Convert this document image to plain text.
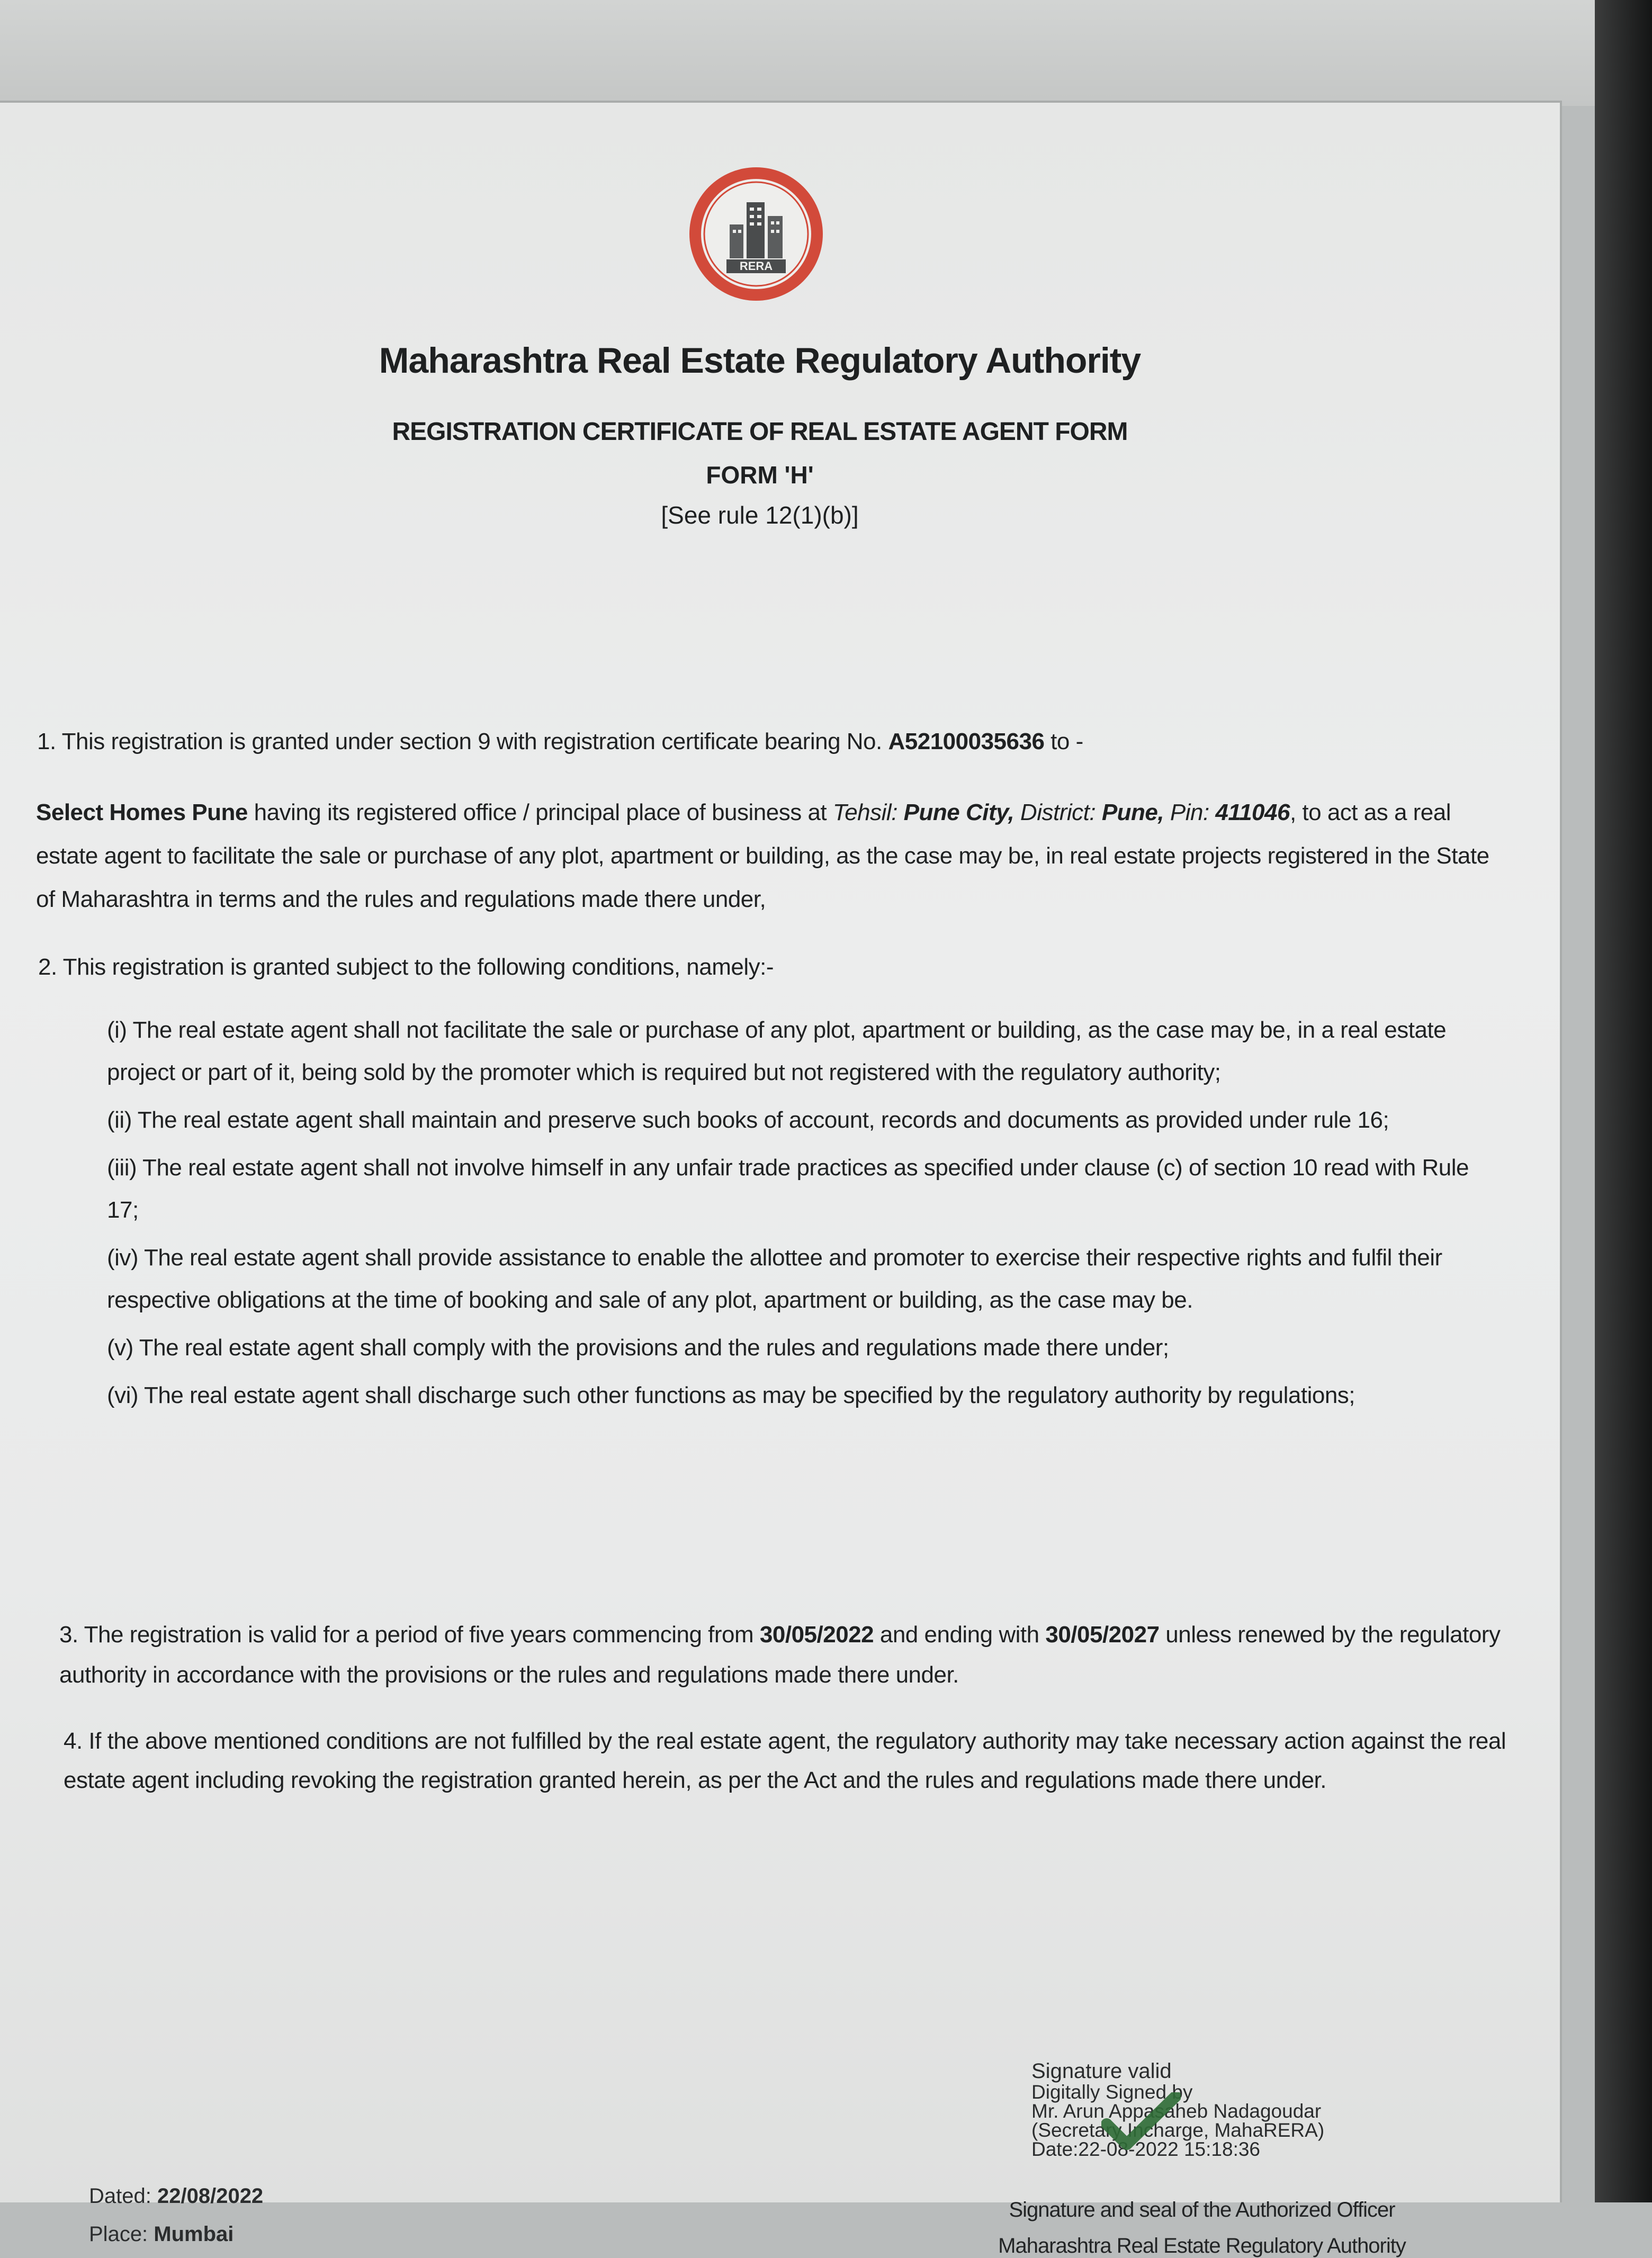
RERA
Maharashtra Real Estate Regulatory Authority
REGISTRATION CERTIFICATE OF REAL ESTATE AGENT FORM
FORM 'H'
[See rule 12(1)(b)]
1. This registration is granted under section 9 with registration certificate bearing No. A52100035636 to -
Select Homes Pune having its registered office / principal place of business at Tehsil: Pune City, District: Pune, Pin: 411046, to act as a real estate agent to facilitate the sale or purchase of any plot, apartment or building, as the case may be, in real estate projects registered in the State of Maharashtra in terms and the rules and regulations made there under,
2. This registration is granted subject to the following conditions, namely:-
(i) The real estate agent shall not facilitate the sale or purchase of any plot, apartment or building, as the case may be, in a real estate project or part of it, being sold by the promoter which is required but not registered with the regulatory authority;
(ii) The real estate agent shall maintain and preserve such books of account, records and documents as provided under rule 16;
(iii) The real estate agent shall not involve himself in any unfair trade practices as specified under clause (c) of section 10 read with Rule 17;
(iv) The real estate agent shall provide assistance to enable the allottee and promoter to exercise their respective rights and fulfil their respective obligations at the time of booking and sale of any plot, apartment or building, as the case may be.
(v) The real estate agent shall comply with the provisions and the rules and regulations made there under;
(vi) The real estate agent shall discharge such other functions as may be specified by the regulatory authority by regulations;
3. The registration is valid for a period of five years commencing from 30/05/2022 and ending with 30/05/2027 unless renewed by the regulatory authority in accordance with the provisions or the rules and regulations made there under.
4. If the above mentioned conditions are not fulfilled by the real estate agent, the regulatory authority may take necessary action against the real estate agent including revoking the registration granted herein, as per the Act and the rules and regulations made there under.
Signature valid
Digitally Signed by
Mr. Arun Appasaheb Nadagoudar
(Secretary Incharge, MahaRERA)
Date:22-08-2022 15:18:36
Signature and seal of the Authorized Officer
Maharashtra Real Estate Regulatory Authority
Dated: 22/08/2022
Place: Mumbai
